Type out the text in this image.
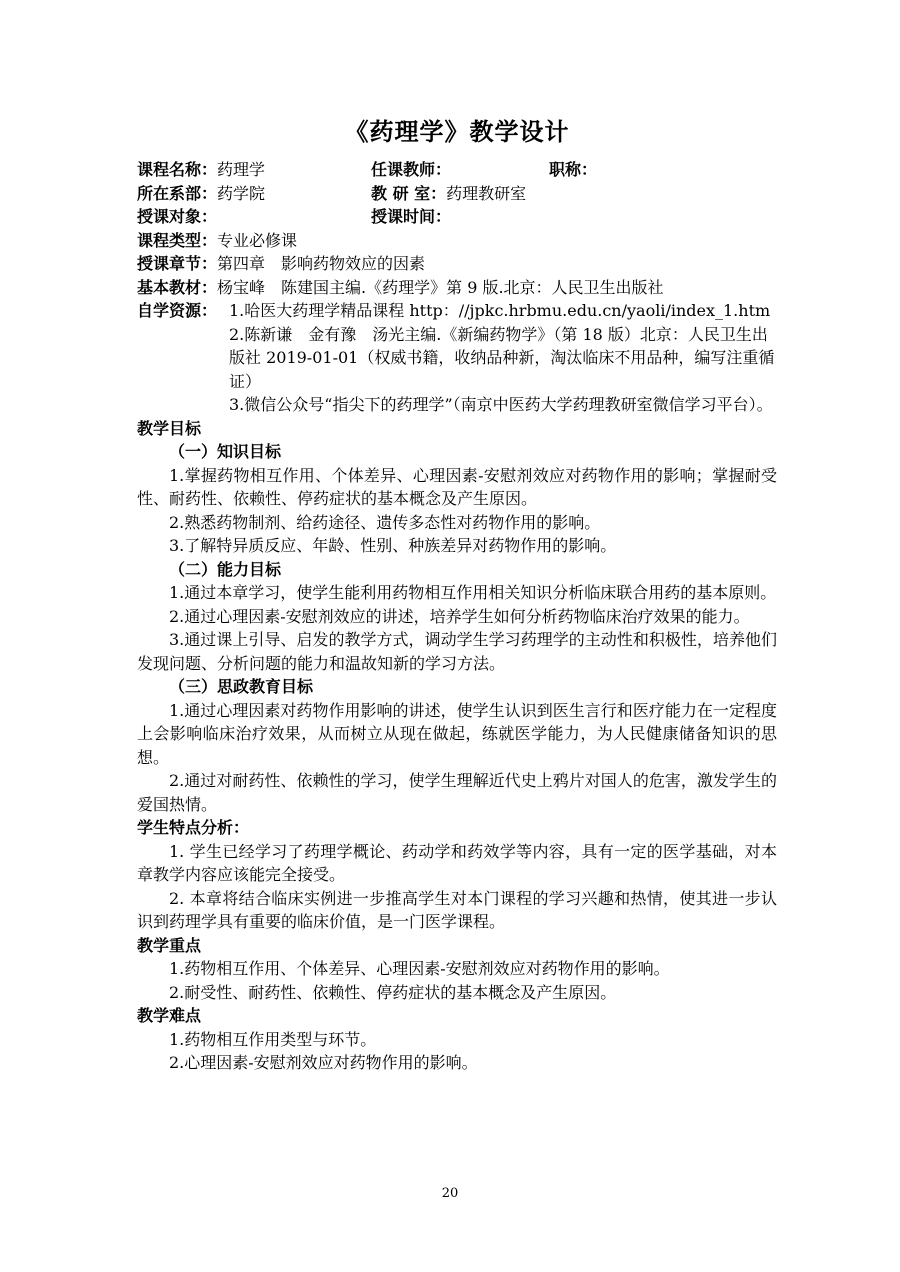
《药理学》教学设计
课程名称：药理学	任课教师：	职称：
所在系部：药学院	教 研 室：药理教研室
授课对象：	授课时间：
课程类型：专业必修课
授课章节：第四章　影响药物效应的因素
基本教材：杨宝峰　陈建国主编.《药理学》第 9 版.北京：人民卫生出版社
自学资源： 1.哈医大药理学精品课程 http：//jpkc.hrbmu.edu.cn/yaoli/index_1.htm
2.陈新谦　金有豫　汤光主编.《新编药物学》（第 18 版）北京：人民卫生出版社 2019-01-01（权威书籍，收纳品种新，淘汰临床不用品种，编写注重循证）
3.微信公众号“指尖下的药理学”（南京中医药大学药理教研室微信学习平台）。
教学目标
（一）知识目标
1.掌握药物相互作用、个体差异、心理因素-安慰剂效应对药物作用的影响；掌握耐受性、耐药性、依赖性、停药症状的基本概念及产生原因。
2.熟悉药物制剂、给药途径、遗传多态性对药物作用的影响。
3.了解特异质反应、年龄、性别、种族差异对药物作用的影响。
（二）能力目标
1.通过本章学习，使学生能利用药物相互作用相关知识分析临床联合用药的基本原则。
2.通过心理因素-安慰剂效应的讲述，培养学生如何分析药物临床治疗效果的能力。
3.通过课上引导、启发的教学方式，调动学生学习药理学的主动性和积极性，培养他们发现问题、分析问题的能力和温故知新的学习方法。
（三）思政教育目标
1.通过心理因素对药物作用影响的讲述，使学生认识到医生言行和医疗能力在一定程度上会影响临床治疗效果，从而树立从现在做起，练就医学能力，为人民健康储备知识的思想。
2.通过对耐药性、依赖性的学习，使学生理解近代史上鸦片对国人的危害，激发学生的爱国热情。
学生特点分析：
1. 学生已经学习了药理学概论、药动学和药效学等内容，具有一定的医学基础，对本章教学内容应该能完全接受。
2. 本章将结合临床实例进一步推高学生对本门课程的学习兴趣和热情，使其进一步认识到药理学具有重要的临床价值，是一门医学课程。
教学重点
1.药物相互作用、个体差异、心理因素-安慰剂效应对药物作用的影响。
2.耐受性、耐药性、依赖性、停药症状的基本概念及产生原因。
教学难点
1.药物相互作用类型与环节。
2.心理因素-安慰剂效应对药物作用的影响。
20
